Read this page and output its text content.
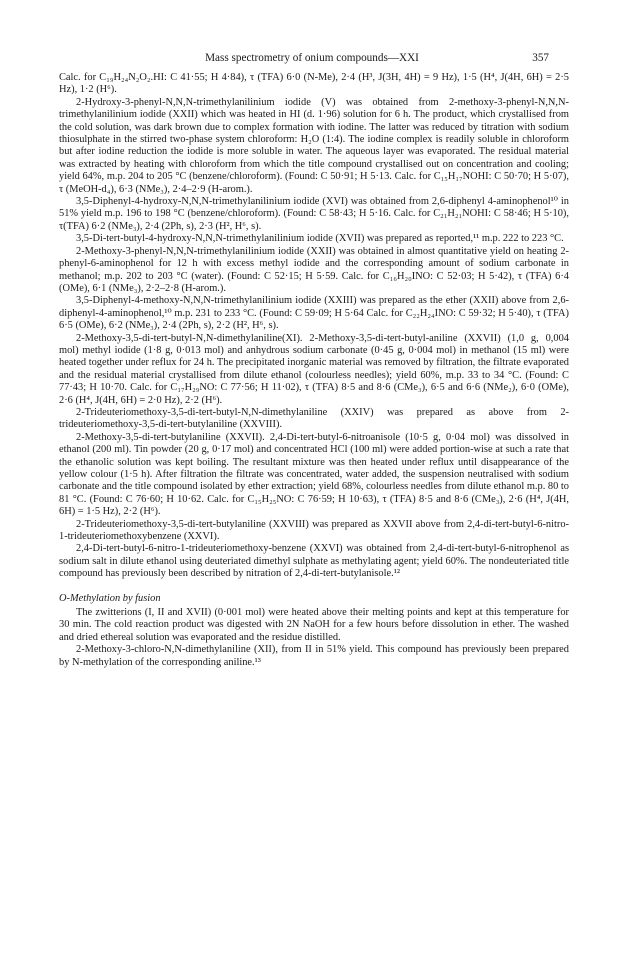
Mass spectrometry of onium compounds—XXI	357

Calc. for C₁₉H₂₄N₂O₂.HI: C 41·55; H 4·84), τ (TFA) 6·0 (N-Me), 2·4 (H³, J(3H, 4H) = 9 Hz), 1·5 (H⁴, J(4H, 6H) = 2·5 Hz), 1·2 (H⁶).

2-Hydroxy-3-phenyl-N,N,N-trimethylanilinium iodide (V) was obtained from 2-methoxy-3-phenyl-N,N,N-trimethylanilinium iodide (XXII) which was heated in HI (d. 1·96) solution for 6 h. The product, which crystallised from the cold solution, was dark brown due to complex formation with iodine. The latter was reduced by titration with sodium thiosulphate in the stirred two-phase system chloroform: H₂O (1:4). The iodine complex is readily soluble in chloroform but after iodine reduction the iodide is more soluble in water. The aqueous layer was evaporated. The residual material was extracted by heating with chloroform from which the title compound crystallised out on concentration and cooling; yield 64%, m.p. 204 to 205 °C (benzene/chloroform). (Found: C 50·91; H 5·13. Calc. for C₁₅H₁₇NOHI: C 50·70; H 5·07), τ (MeOH-d₄), 6·3 (NMe₃), 2·4–2·9 (H-arom.).

3,5-Diphenyl-4-hydroxy-N,N,N-trimethylanilinium iodide (XVI) was obtained from 2,6-diphenyl 4-aminophenol¹⁰ in 51% yield m.p. 196 to 198 °C (benzene/chloroform). (Found: C 58·43; H 5·16. Calc. for C₂₁H₂₁NOHI: C 58·46; H 5·10), τ(TFA) 6·2 (NMe₃), 2·4 (2Ph, s), 2·3 (H², H⁶, s).

3,5-Di-tert-butyl-4-hydroxy-N,N,N-trimethylanilinium iodide (XVII) was prepared as reported,¹¹ m.p. 222 to 223 °C.

2-Methoxy-3-phenyl-N,N,N-trimethylanilinium iodide (XXII) was obtained in almost quantitative yield on heating 2-phenyl-6-aminophenol for 12 h with excess methyl iodide and the corresponding amount of sodium carbonate in methanol; m.p. 202 to 203 °C (water). (Found: C 52·15; H 5·59. Calc. for C₁₆H₂₀INO: C 52·03; H 5·42), τ (TFA) 6·4 (OMe), 6·1 (NMe₃), 2·2–2·8 (H-arom.).

3,5-Diphenyl-4-methoxy-N,N,N-trimethylanilinium iodide (XXIII) was prepared as the ether (XXII) above from 2,6-diphenyl-4-aminophenol,¹⁰ m.p. 231 to 233 °C. (Found: C 59·09; H 5·64 Calc. for C₂₂H₂₄INO: C 59·32; H 5·40), τ (TFA) 6·5 (OMe), 6·2 (NMe₃), 2·4 (2Ph, s), 2·2 (H², H⁶, s).

2-Methoxy-3,5-di-tert-butyl-N,N-dimethylaniline(XI). 2-Methoxy-3,5-di-tert-butyl-aniline (XXVII) (1,0 g, 0,004 mol) methyl iodide (1·8 g, 0·013 mol) and anhydrous sodium carbonate (0·45 g, 0·004 mol) in methanol (15 ml) were heated together under reflux for 24 h. The precipitated inorganic material was removed by filtration, the filtrate evaporated and the residual material crystallised from dilute ethanol (colourless needles); yield 60%, m.p. 33 to 34 °C. (Found: C 77·43; H 10·70. Calc. for C₁₇H₂₉NO: C 77·56; H 11·02), τ (TFA) 8·5 and 8·6 (CMe₃), 6·5 and 6·6 (NMe₂), 6·0 (OMe), 2·6 (H⁴, J(4H, 6H) = 2·0 Hz), 2·2 (H⁶).

2-Trideuteriomethoxy-3,5-di-tert-butyl-N,N-dimethylaniline (XXIV) was prepared as above from 2-trideuteriomethoxy-3,5-di-tert-butylaniline (XXVIII).

2-Methoxy-3,5-di-tert-butylaniline (XXVII). 2,4-Di-tert-butyl-6-nitroanisole (10·5 g, 0·04 mol) was dissolved in ethanol (200 ml). Tin powder (20 g, 0·17 mol) and concentrated HCl (100 ml) were added portion-wise at such a rate that the ethanolic solution was kept boiling. The resultant mixture was then heated under reflux until disappearance of the yellow colour (1·5 h). After filtration the filtrate was concentrated, water added, the suspension neutralised with sodium carbonate and the title compound isolated by ether extraction; yield 68%, colourless needles from dilute ethanol m.p. 80 to 81 °C. (Found: C 76·60; H 10·62. Calc. for C₁₅H₂₅NO: C 76·59; H 10·63), τ (TFA) 8·5 and 8·6 (CMe₃), 2·6 (H⁴, J(4H, 6H) = 1·5 Hz), 2·2 (H⁶).

2-Trideuteriomethoxy-3,5-di-tert-butylaniline (XXVIII) was prepared as XXVII above from 2,4-di-tert-butyl-6-nitro-1-trideuteriomethoxybenzene (XXVI).

2,4-Di-tert-butyl-6-nitro-1-trideuteriomethoxy-benzene (XXVI) was obtained from 2,4-di-tert-butyl-6-nitrophenol as sodium salt in dilute ethanol using deuteriated dimethyl sulphate as methylating agent; yield 60%. The nondeuteriated title compound has previously been described by nitration of 2,4-di-tert-butylanisole.¹²

O-Methylation by fusion

The zwitterions (I, II and XVII) (0·001 mol) were heated above their melting points and kept at this temperature for 30 min. The cold reaction product was digested with 2N NaOH for a few hours before dissolution in ether. The washed and dried ethereal solution was evaporated and the residue distilled.

2-Methoxy-3-chloro-N,N-dimethylaniline (XII), from II in 51% yield. This compound has previously been prepared by N-methylation of the corresponding aniline.¹³
